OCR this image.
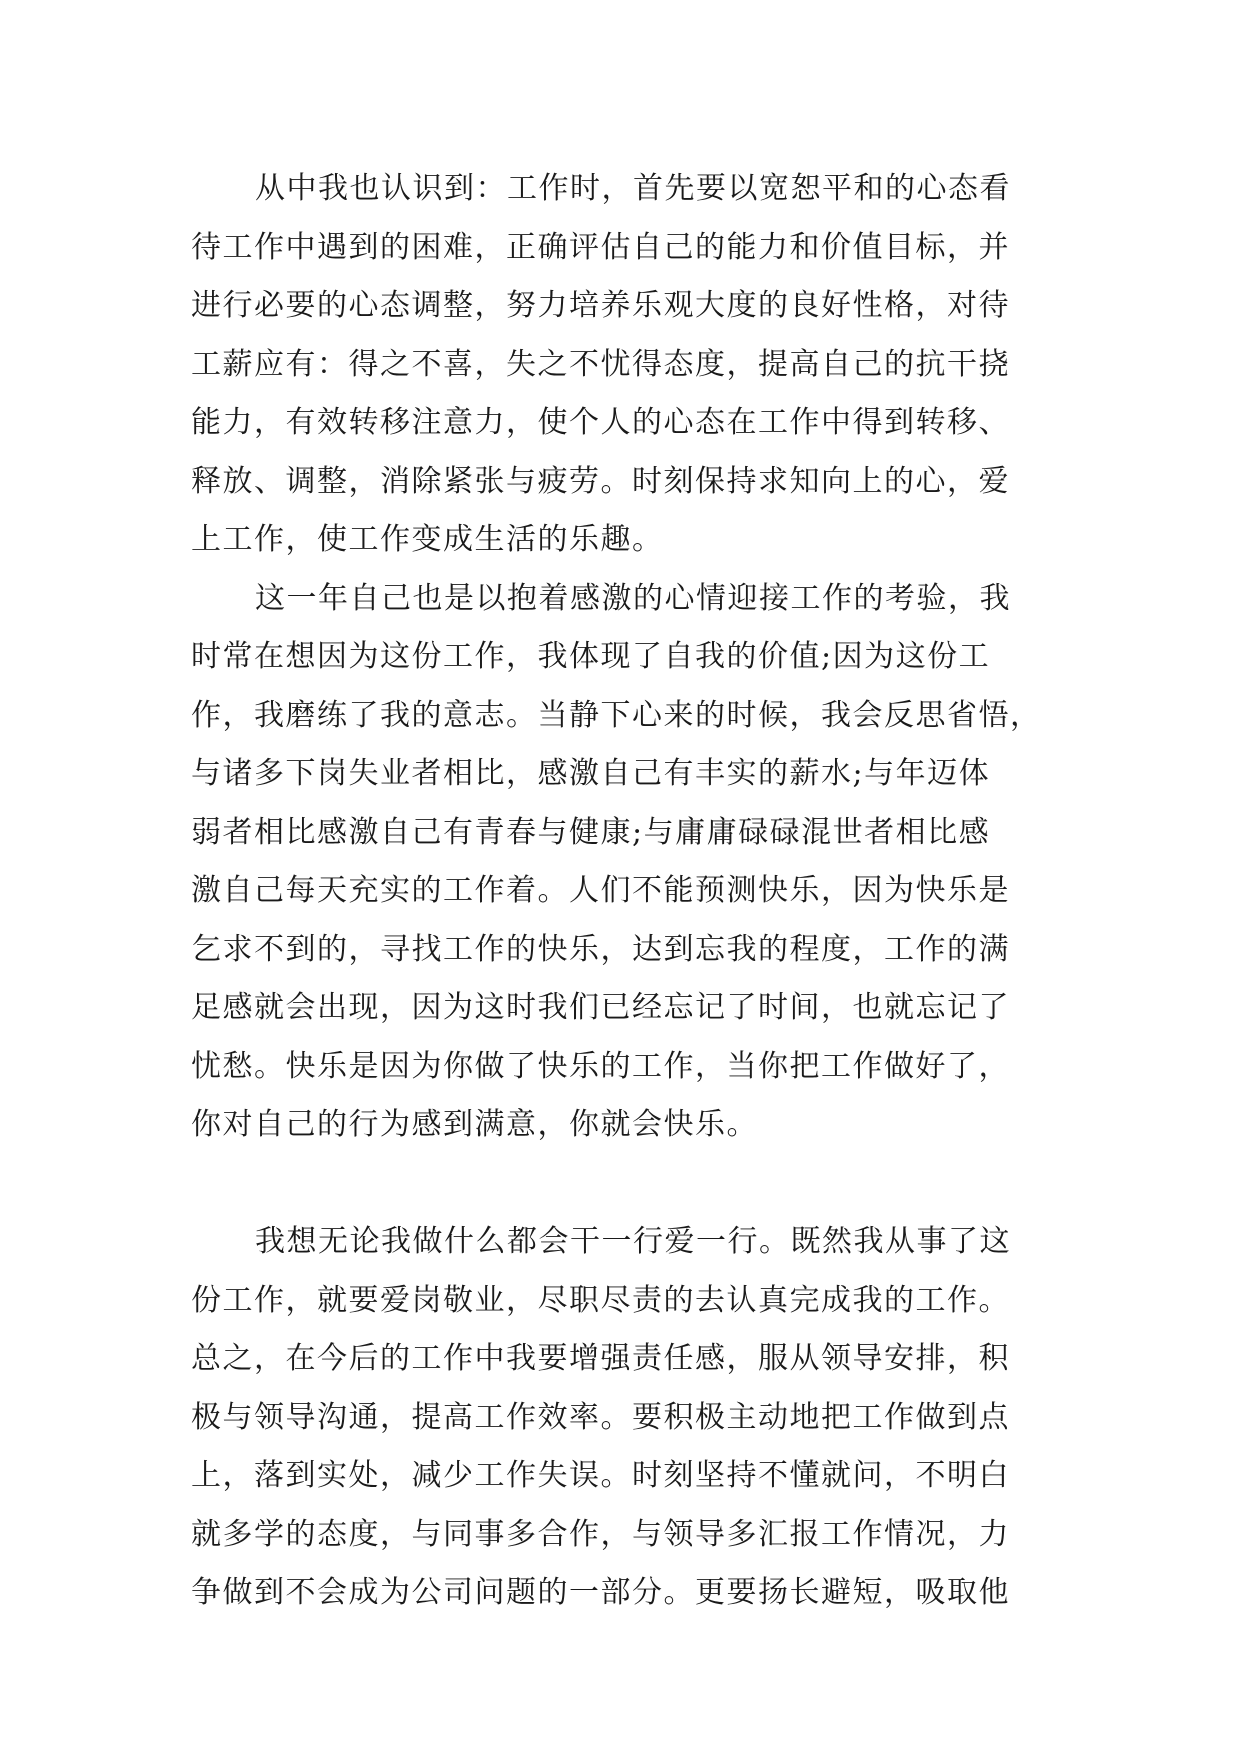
从中我也认识到：工作时，首先要以宽恕平和的心态看
待工作中遇到的困难，正确评估自己的能力和价值目标，并
进行必要的心态调整，努力培养乐观大度的良好性格，对待
工薪应有：得之不喜，失之不忧得态度，提高自己的抗干挠
能力，有效转移注意力，使个人的心态在工作中得到转移、
释放、调整，消除紧张与疲劳。时刻保持求知向上的心，爱
上工作，使工作变成生活的乐趣。
这一年自己也是以抱着感激的心情迎接工作的考验，我
时常在想因为这份工作，我体现了自我的价值;因为这份工
作，我磨练了我的意志。当静下心来的时候，我会反思省悟，
与诸多下岗失业者相比，感激自己有丰实的薪水;与年迈体
弱者相比感激自己有青春与健康;与庸庸碌碌混世者相比感
激自己每天充实的工作着。人们不能预测快乐，因为快乐是
乞求不到的，寻找工作的快乐，达到忘我的程度，工作的满
足感就会出现，因为这时我们已经忘记了时间，也就忘记了
忧愁。快乐是因为你做了快乐的工作，当你把工作做好了，
你对自己的行为感到满意，你就会快乐。
我想无论我做什么都会干一行爱一行。既然我从事了这
份工作，就要爱岗敬业，尽职尽责的去认真完成我的工作。
总之，在今后的工作中我要增强责任感，服从领导安排，积
极与领导沟通，提高工作效率。要积极主动地把工作做到点
上，落到实处，减少工作失误。时刻坚持不懂就问，不明白
就多学的态度，与同事多合作，与领导多汇报工作情况，力
争做到不会成为公司问题的一部分。更要扬长避短，吸取他
